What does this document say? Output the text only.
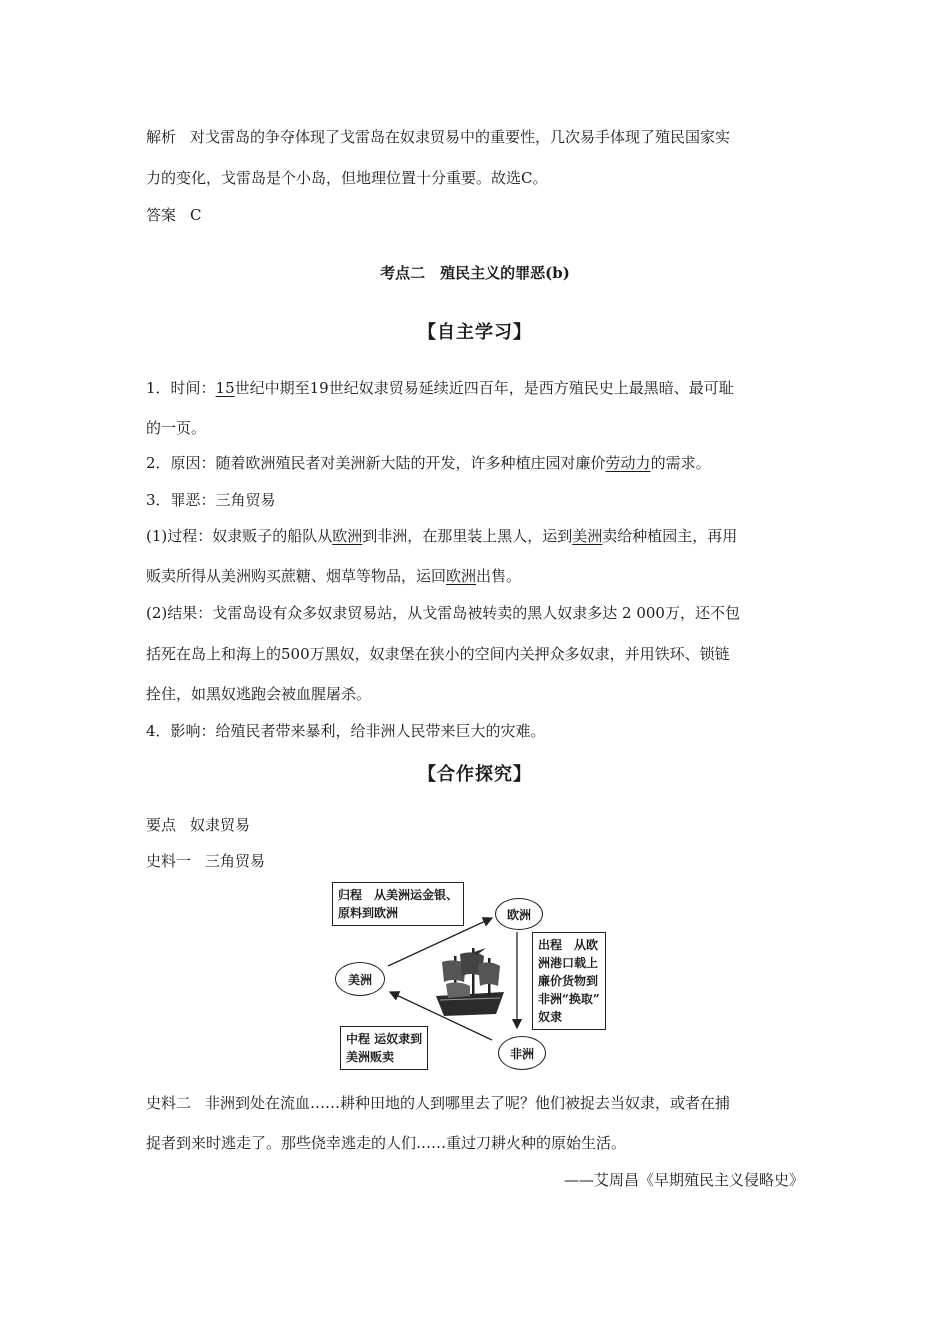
解析 对戈雷岛的争夺体现了戈雷岛在奴隶贸易中的重要性，几次易手体现了殖民国家实
力的变化，戈雷岛是个小岛，但地理位置十分重要。故选C。
答案 C
考点二　殖民主义的罪恶(b)
【自主学习】
1．时间：15世纪中期至19世纪奴隶贸易延续近四百年，是西方殖民史上最黑暗、最可耻
的一页。
2．原因：随着欧洲殖民者对美洲新大陆的开发，许多种植庄园对廉价劳动力的需求。
3．罪恶：三角贸易
(1)过程：奴隶贩子的船队从欧洲到非洲，在那里装上黑人，运到美洲卖给种植园主，再用
贩卖所得从美洲购买蔗糖、烟草等物品，运回欧洲出售。
(2)结果：戈雷岛设有众多奴隶贸易站，从戈雷岛被转卖的黑人奴隶多达 2 000万，还不包
括死在岛上和海上的500万黑奴，奴隶堡在狭小的空间内关押众多奴隶，并用铁环、锁链
拴住，如黑奴逃跑会被血腥屠杀。
4．影响：给殖民者带来暴利，给非洲人民带来巨大的灾难。
【合作探究】
要点 奴隶贸易
史料一 三角贸易
归程　从美洲运金银、
原料到欧洲	欧洲
美洲
非洲
出程　从欧
洲港口载上
廉价货物到
非洲“换取”
奴隶
中程 运奴隶到
美洲贩卖
史料二 非洲到处在流血……耕种田地的人到哪里去了呢？他们被捉去当奴隶，或者在捕
捉者到来时逃走了。那些侥幸逃走的人们……重过刀耕火种的原始生活。
——艾周昌《早期殖民主义侵略史》
